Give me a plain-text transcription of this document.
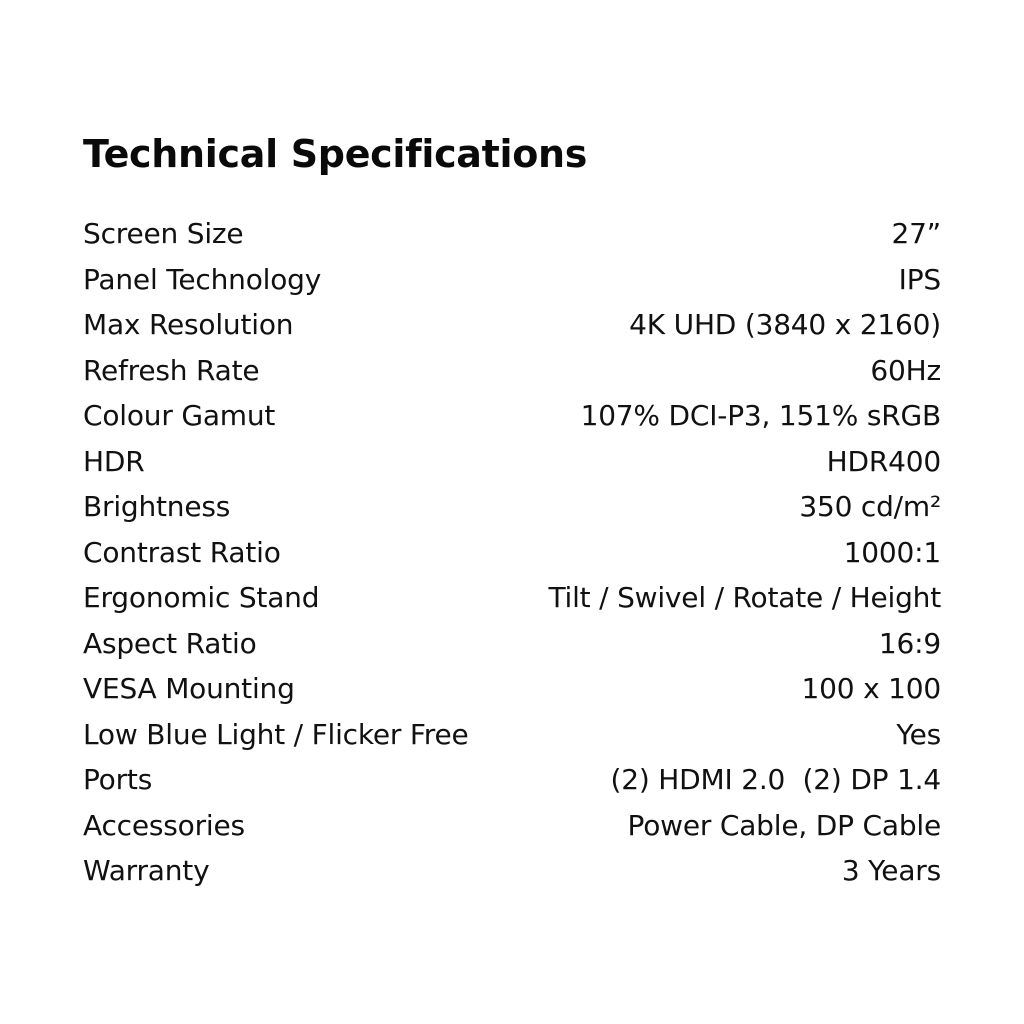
Technical Specifications
Screen Size	27”
Panel Technology	IPS
Max Resolution	4K UHD (3840 x 2160)
Refresh Rate	60Hz
Colour Gamut	107% DCI-P3, 151% sRGB
HDR	HDR400
Brightness	350 cd/m²
Contrast Ratio	1000:1
Ergonomic Stand	Tilt / Swivel / Rotate / Height
Aspect Ratio	16:9
VESA Mounting	100 x 100
Low Blue Light / Flicker Free	Yes
Ports	(2) HDMI 2.0  (2) DP 1.4
Accessories	Power Cable, DP Cable
Warranty	3 Years
